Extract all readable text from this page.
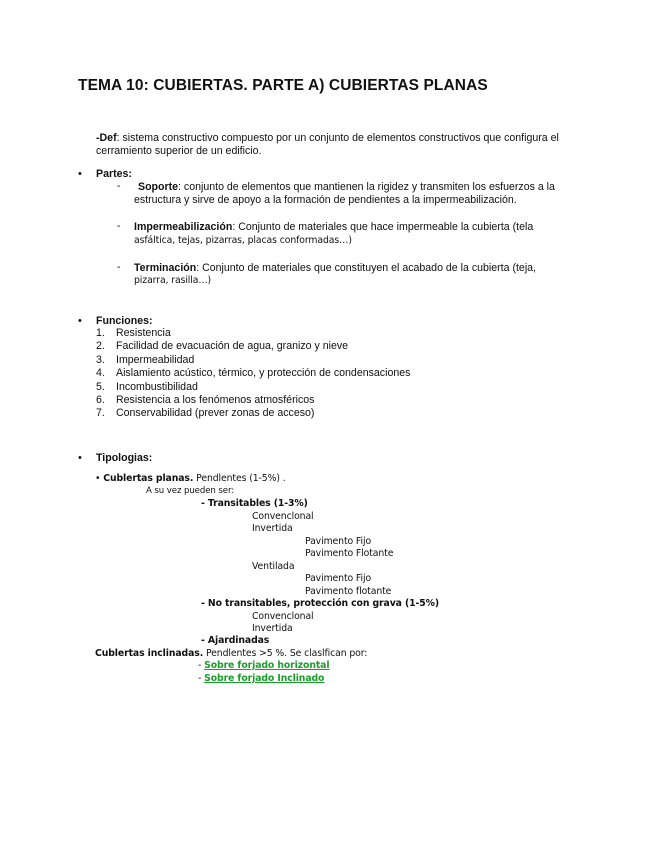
TEMA 10: CUBIERTAS. PARTE A) CUBIERTAS PLANAS
-Def: sistema constructivo compuesto por un conjunto de elementos constructivos que configura el
cerramiento superior de un edificio.
• Partes:
- Soporte: conjunto de elementos que mantienen la rigidez y transmiten los esfuerzos a la
estructura y sirve de apoyo a la formación de pendientes a la impermeabilización.
- Impermeabilización: Conjunto de materiales que hace impermeable la cubierta (tela
asfáltica, tejas, pizarras, placas conformadas…)
- Terminación: Conjunto de materiales que constituyen el acabado de la cubierta (teja,
pizarra, rasilla…)
• Funciones:
1. Resistencia
2. Facilidad de evacuación de agua, granizo y nieve
3. Impermeabilidad
4. Aislamiento acústico, térmico, y protección de condensaciones
5. Incombustibilidad
6. Resistencia a los fenómenos atmosféricos
7. Conservabilidad (prever zonas de acceso)
• Tipologias:
• Cublertas planas. Pendlentes (1-5%) .
A su vez pueden ser:
- Transitables (1-3%)
Convenclonal
Invertida
Pavimento Fijo
Pavimento Flotante
Ventilada
Pavimento Fijo
Pavimento flotante
- No transitables, protección con grava (1-5%)
Convenclonal
Invertida
- Ajardinadas
Cublertas inclinadas. Pendlentes >5 %. Se claslfican por:
- Sobre forjado horizontal
- Sobre forjado Inclinado
